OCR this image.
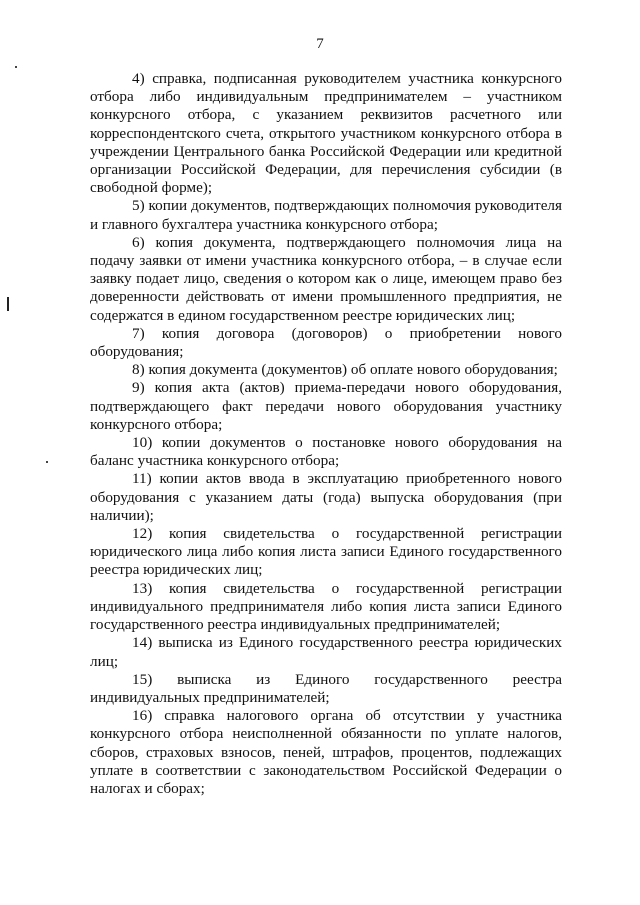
7

4) справка, подписанная руководителем участника конкурсного отбора либо индивидуальным предпринимателем – участником конкурсного отбора, с указанием реквизитов расчетного или корреспондентского счета, открытого участником конкурсного отбора в учреждении Центрального банка Российской Федерации или кредитной организации Российской Федерации, для перечисления субсидии (в свободной форме);

5) копии документов, подтверждающих полномочия руководителя и главного бухгалтера участника конкурсного отбора;

6) копия документа, подтверждающего полномочия лица на подачу заявки от имени участника конкурсного отбора, – в случае если заявку подает лицо, сведения о котором как о лице, имеющем право без доверенности действовать от имени промышленного предприятия, не содержатся в едином государственном реестре юридических лиц;

7) копия договора (договоров) о приобретении нового оборудования;

8) копия документа (документов) об оплате нового оборудования;

9) копия акта (актов) приема-передачи нового оборудования, подтверждающего факт передачи нового оборудования участнику конкурсного отбора;

10) копии документов о постановке нового оборудования на баланс участника конкурсного отбора;

11) копии актов ввода в эксплуатацию приобретенного нового оборудования с указанием даты (года) выпуска оборудования (при наличии);

12) копия свидетельства о государственной регистрации юридического лица либо копия листа записи Единого государственного реестра юридических лиц;

13) копия свидетельства о государственной регистрации индивидуального предпринимателя либо копия листа записи Единого государственного реестра индивидуальных предпринимателей;

14) выписка из Единого государственного реестра юридических лиц;

15) выписка из Единого государственного реестра индивидуальных предпринимателей;

16) справка налогового органа об отсутствии у участника конкурсного отбора неисполненной обязанности по уплате налогов, сборов, страховых взносов, пеней, штрафов, процентов, подлежащих уплате в соответствии с законодательством Российской Федерации о налогах и сборах;
